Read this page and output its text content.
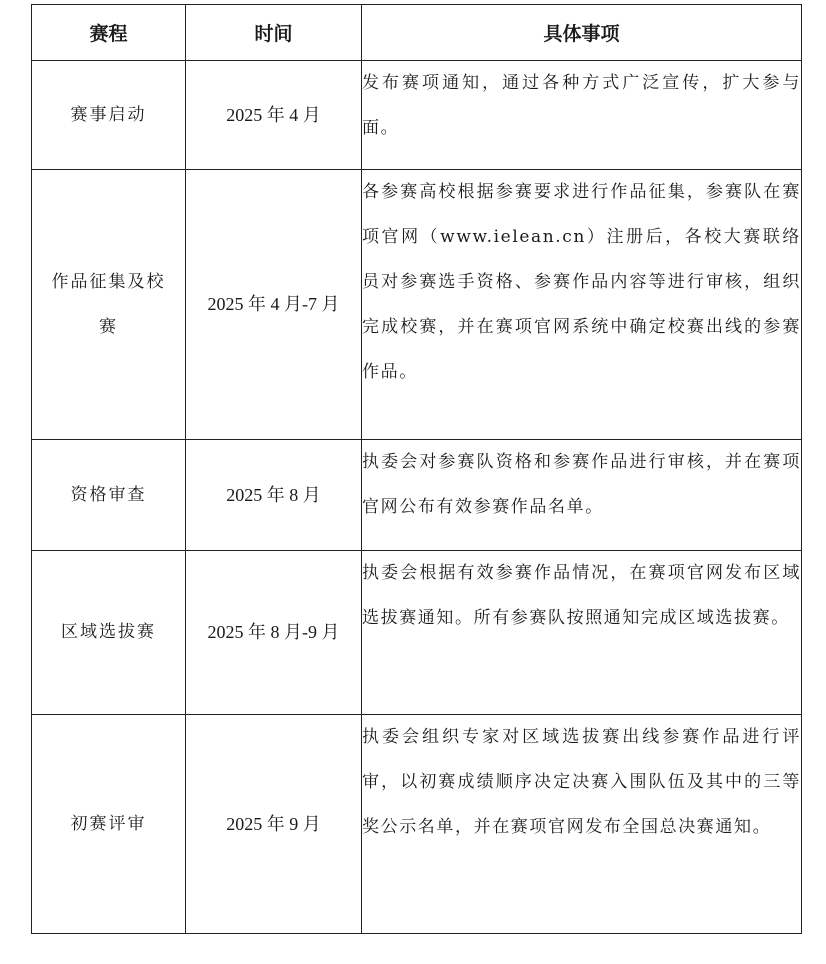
赛程	时间	具体事项
赛事启动	2025 年 4 月	发布赛项通知，通过各种方式广泛宣传，扩大参与面。

作品征集及校赛	2025 年 4 月-7 月	各参赛高校根据参赛要求进行作品征集，参赛队在赛项官网（www.ielean.cn）注册后，各校大赛联络员对参赛选手资格、参赛作品内容等进行审核，组织完成校赛，并在赛项官网系统中确定校赛出线的参赛作品。
资格审查	2025 年 8 月	执委会对参赛队资格和参赛作品进行审核，并在赛项官网公布有效参赛作品名单。
区域选拔赛	2025 年 8 月-9 月	执委会根据有效参赛作品情况，在赛项官网发布区域选拔赛通知。所有参赛队按照通知完成区域选拔赛。
初赛评审	2025 年 9 月	执委会组织专家对区域选拔赛出线参赛作品进行评审，以初赛成绩顺序决定决赛入围队伍及其中的三等奖公示名单，并在赛项官网发布全国总决赛通知。
